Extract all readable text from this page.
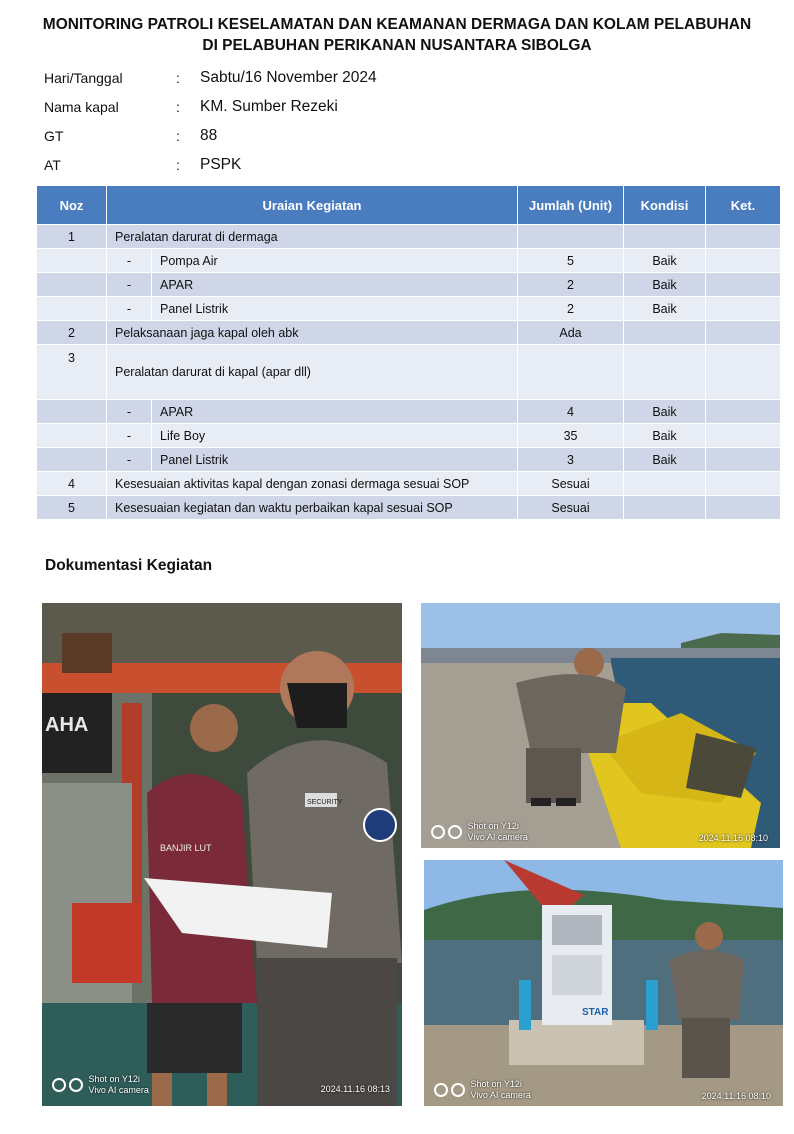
MONITORING PATROLI KESELAMATAN DAN KEAMANAN DERMAGA DAN KOLAM PELABUHAN
DI PELABUHAN PERIKANAN NUSANTARA SIBOLGA
Hari/Tanggal	: Sabtu/16 November 2024
Nama kapal	: KM. Sumber Rezeki
GT	: 88
AT	: PSPK
Noz	Uraian Kegiatan		Jumlah (Unit)	Kondisi	Ket.
1	Peralatan darurat di dermaga				
	-	Pompa Air	5	Baik	
	-	APAR	2	Baik	
	-	Panel Listrik	2	Baik	
2	Pelaksanaan jaga kapal oleh abk		Ada		
3	Peralatan darurat di kapal (apar dll)				
	-	APAR	4	Baik	
	-	Life Boy	35	Baik	
	-	Panel Listrik	3	Baik	
4	Kesesuaian aktivitas kapal dengan zonasi dermaga sesuai SOP		Sesuai		
5	Kesesuaian kegiatan dan waktu perbaikan kapal sesuai SOP		Sesuai		
Dokumentasi Kegiatan
AHA
SECURITY
BANJIR LUT
Shot on Y12i
Vivo AI camera	2024.11.16 08:13
Shot on Y12i
Vivo AI camera	2024.11.16 08:10
STAR
Shot on Y12i
Vivo AI camera	2024.11.16 08:10
